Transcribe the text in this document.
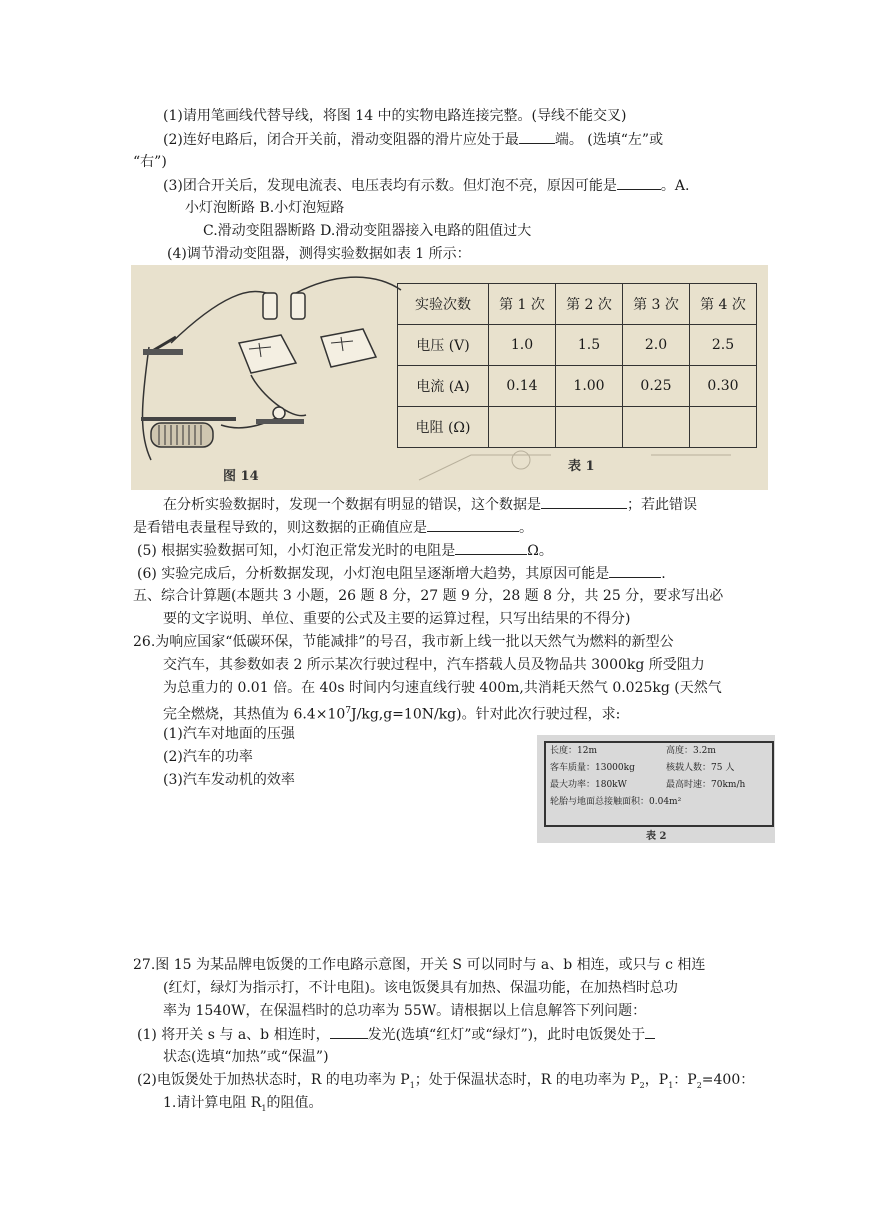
(1)请用笔画线代替导线，将图 14 中的实物电路连接完整。(导线不能交叉)
(2)连好电路后，闭合开关前，滑动变阻器的滑片应处于最	端。 (选填“左”或
“右”)
(3)团合开关后，发现电流表、电压表均有示数。但灯泡不亮，原因可能是	。A.
小灯泡断路 B.小灯泡短路
C.滑动变阻器断路 D.滑动变阻器接入电路的阻值过大
(4)调节滑动变阻器，测得实验数据如表 1 所示：
图 14
实验次数	第 1 次	第 2 次	第 3 次	第 4 次
电压 (V)	1.0	1.5	2.0	2.5
电流 (A)	0.14	1.00	0.25	0.30
电阻 (Ω)				
表 1
在分析实验数据时，发现一个数据有明显的错误，这个数据是	；若此错误
是看错电表量程导致的，则这数据的正确值应是	。
(5) 根据实验数据可知，小灯泡正常发光时的电阻是	Ω。
(6) 实验完成后，分析数据发现，小灯泡电阻呈逐渐增大趋势，其原因可能是	.
五、综合计算题(本题共 3 小题，26 题 8 分，27 题 9 分，28 题 8 分，共 25 分，要求写出必
要的文字说明、单位、重要的公式及主要的运算过程，只写出结果的不得分)
26.为响应国家“低碳环保，节能减排”的号召，我市新上线一批以天然气为燃料的新型公
交汽车，其参数如表 2 所示某次行驶过程中，汽车搭载人员及物品共 3000kg 所受阻力
为总重力的 0.01 倍。在 40s 时间内匀速直线行驶 400m,共消耗天然气 0.025kg (天然气
完全燃烧，其热值为 $6.4\times 10^7J/kg,g=10N/kg$)。针对此次行驶过程，求:
(1)汽车对地面的压强
(2)汽车的功率
(3)汽车发动机的效率
长度：12m	高度：3.2m
客车质量：13000kg	核载人数：75 人
最大功率：180kW	最高时速：70km/h
轮胎与地面总接触面积：0.04m²
表 2
27.图 15 为某品牌电饭煲的工作电路示意图，开关 S 可以同时与 a、b 相连，或只与 c 相连
(红灯，绿灯为指示打，不计电阻)。该电饭煲具有加热、保温功能，在加热档时总功
率为 1540W，在保温档时的总功率为 55W。请根据以上信息解答下列问题：
(1) 将开关 s 与 a、b 相连时，	发光(选填“红灯”或“绿灯”)，此时电饭煲处于
状态(选填“加热”或“保温”)
(2)电饭煲处于加热状态时，R 的电功率为 $P_1$；处于保温状态时，R 的电功率为 $P_2$，$P_1$：$P_2=400$：
1.请计算电阻 $R_1$的阻值。
